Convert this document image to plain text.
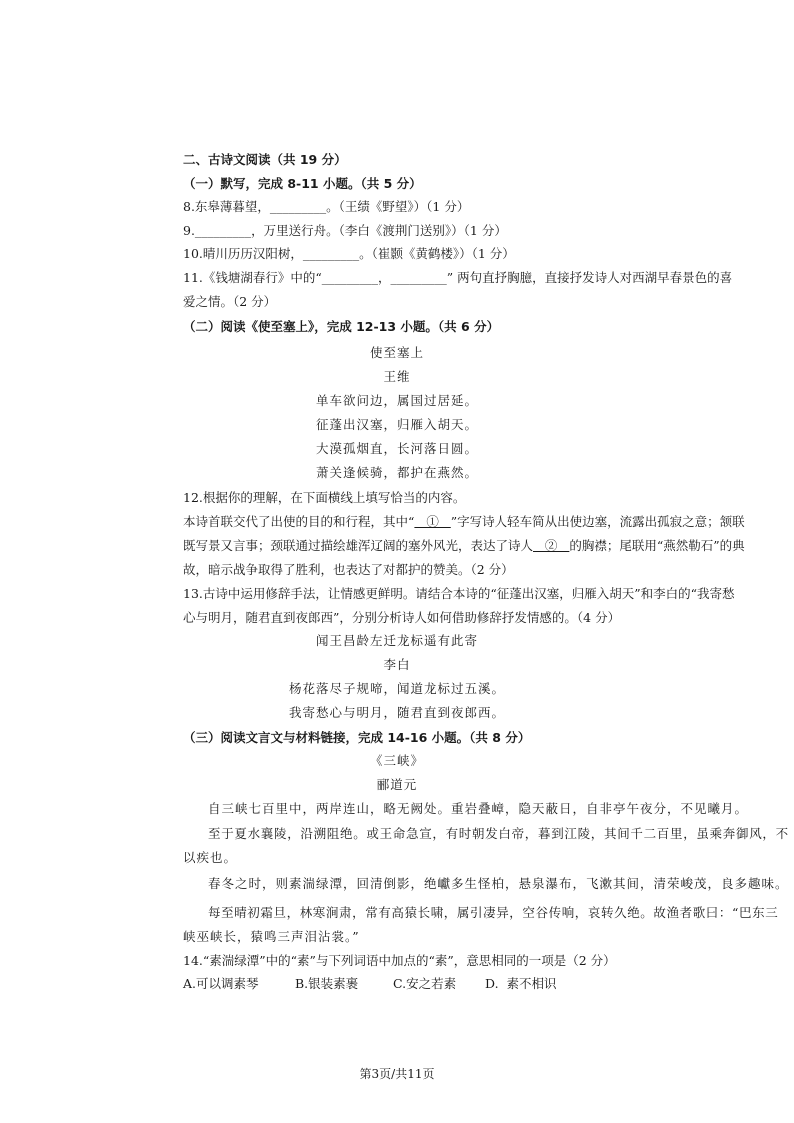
二、古诗文阅读（共 19 分）
（一）默写，完成 8-11 小题。（共 5 分）
8.东皋薄暮望，_________。（王绩《野望》）（1 分）
9._________，万里送行舟。（李白《渡荆门送别》）（1 分）
10.晴川历历汉阳树，_________。（崔颢《黄鹤楼》）（1 分）
11.《钱塘湖春行》中的“_________，_________” 两句直抒胸臆，直接抒发诗人对西湖早春景色的喜
爱之情。（2 分）
（二）阅读《使至塞上》，完成 12-13 小题。（共 6 分）
使至塞上
王维
单车欲问边，属国过居延。
征蓬出汉塞，归雁入胡天。
大漠孤烟直，长河落日圆。
萧关逢候骑，都护在燕然。
12.根据你的理解，在下面横线上填写恰当的内容。
本诗首联交代了出使的目的和行程，其中“   ①   ”字写诗人轻车简从出使边塞，流露出孤寂之意；颔联
既写景又言事；颈联通过描绘雄浑辽阔的塞外风光，表达了诗人   ②   的胸襟；尾联用“燕然勒石”的典
故，暗示战争取得了胜利，也表达了对都护的赞美。（2 分）
13.古诗中运用修辞手法，让情感更鲜明。请结合本诗的“征蓬出汉塞，归雁入胡天”和李白的“我寄愁
心与明月，随君直到夜郎西”，分别分析诗人如何借助修辞抒发情感的。（4 分）
闻王昌龄左迁龙标遥有此寄
李白
杨花落尽子规啼，闻道龙标过五溪。
我寄愁心与明月，随君直到夜郎西。
（三）阅读文言文与材料链接，完成 14-16 小题。（共 8 分）
《三峡》
郦道元
自三峡七百里中，两岸连山，略无阙处。重岩叠嶂，隐天蔽日，自非亭午夜分，不见曦月。
至于夏水襄陵，沿溯阻绝。或王命急宣，有时朝发白帝，暮到江陵，其间千二百里，虽乘奔御风，不
以疾也。
春冬之时，则素湍绿潭，回清倒影，绝巘多生怪柏，悬泉瀑布，飞漱其间，清荣峻茂，良多趣味。
每至晴初霜旦，林寒涧肃，常有高猿长啸，属引凄异，空谷传响，哀转久绝。故渔者歌曰：“巴东三
峡巫峡长，猿鸣三声泪沾裳。”
14.“素湍绿潭”中的“素”与下列词语中加点的“素”，意思相同的一项是（2 分）
A.可以调素琴	B.银装素裹	C.安之若素 D.  素不相识
第3页/共11页
